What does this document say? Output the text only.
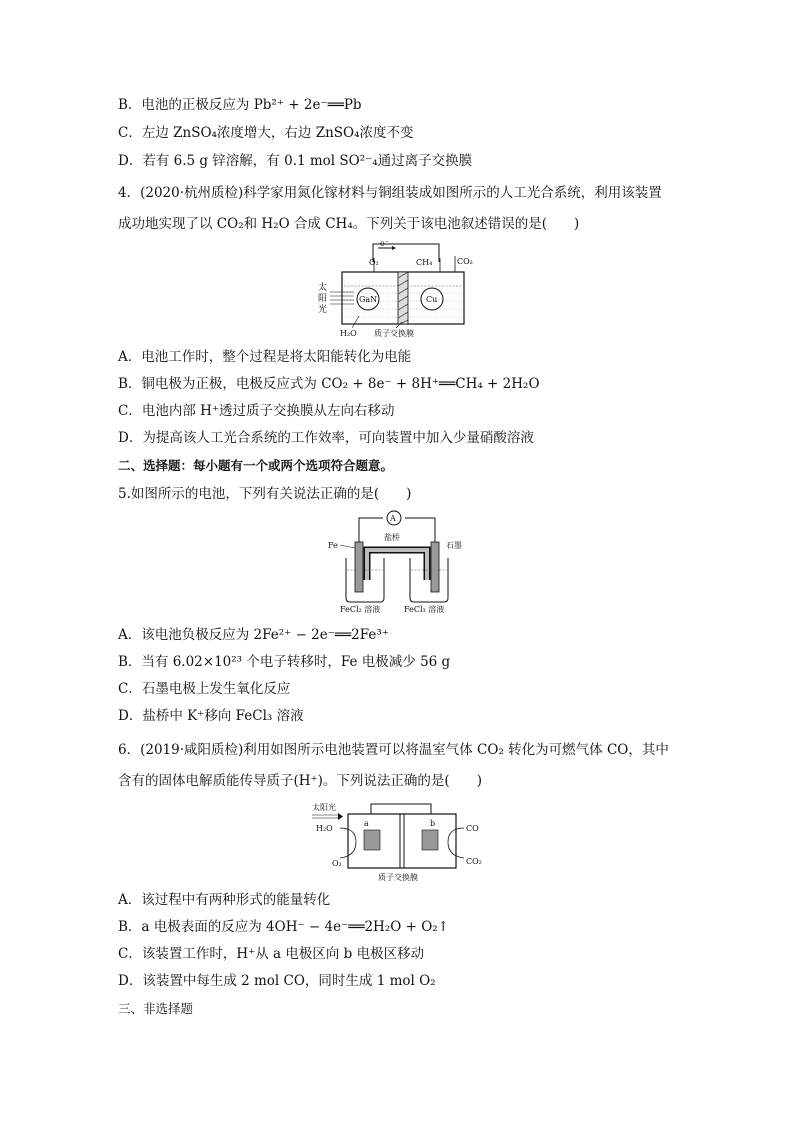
B．电池的正极反应为 Pb²⁺ + 2e⁻══Pb
C．左边 ZnSO₄浓度增大，右边 ZnSO₄浓度不变
D．若有 6.5 g 锌溶解，有 0.1 mol SO²⁻₄通过离子交换膜
4．(2020·杭州质检)科学家用氮化镓材料与铜组装成如图所示的人工光合系统，利用该装置
成功地实现了以 CO₂和 H₂O 合成 CH₄。下列关于该电池叙述错误的是(　　)
e⁻
O₂	CH₄	CO₂
太
阳
光
GaN	Cu
H₂O 质子交换膜
A．电池工作时，整个过程是将太阳能转化为电能
B．铜电极为正极，电极反应式为 CO₂ + 8e⁻ + 8H⁺══CH₄ + 2H₂O
C．电池内部 H⁺透过质子交换膜从左向右移动
D．为提高该人工光合系统的工作效率，可向装置中加入少量硝酸溶液
二、选择题：每小题有一个或两个选项符合题意。
5.如图所示的电池，下列有关说法正确的是(　　)
A
盐桥
Fe	石墨
FeCl₂ 溶液	FeCl₃ 溶液
A．该电池负极反应为 2Fe²⁺ − 2e⁻══2Fe³⁺
B．当有 6.02×10²³ 个电子转移时，Fe 电极减少 56 g
C．石墨电极上发生氧化反应
D．盐桥中 K⁺移向 FeCl₃ 溶液
6．(2019·咸阳质检)利用如图所示电池装置可以将温室气体 CO₂ 转化为可燃气体 CO，其中
含有的固体电解质能传导质子(H⁺)。下列说法正确的是(　　)
太阳光
a	b
H₂O
O₂
CO
CO₂
质子交换膜
A．该过程中有两种形式的能量转化
B．a 电极表面的反应为 4OH⁻ − 4e⁻══2H₂O + O₂↑
C．该装置工作时，H⁺从 a 电极区向 b 电极区移动
D．该装置中每生成 2 mol CO，同时生成 1 mol O₂
三、非选择题
